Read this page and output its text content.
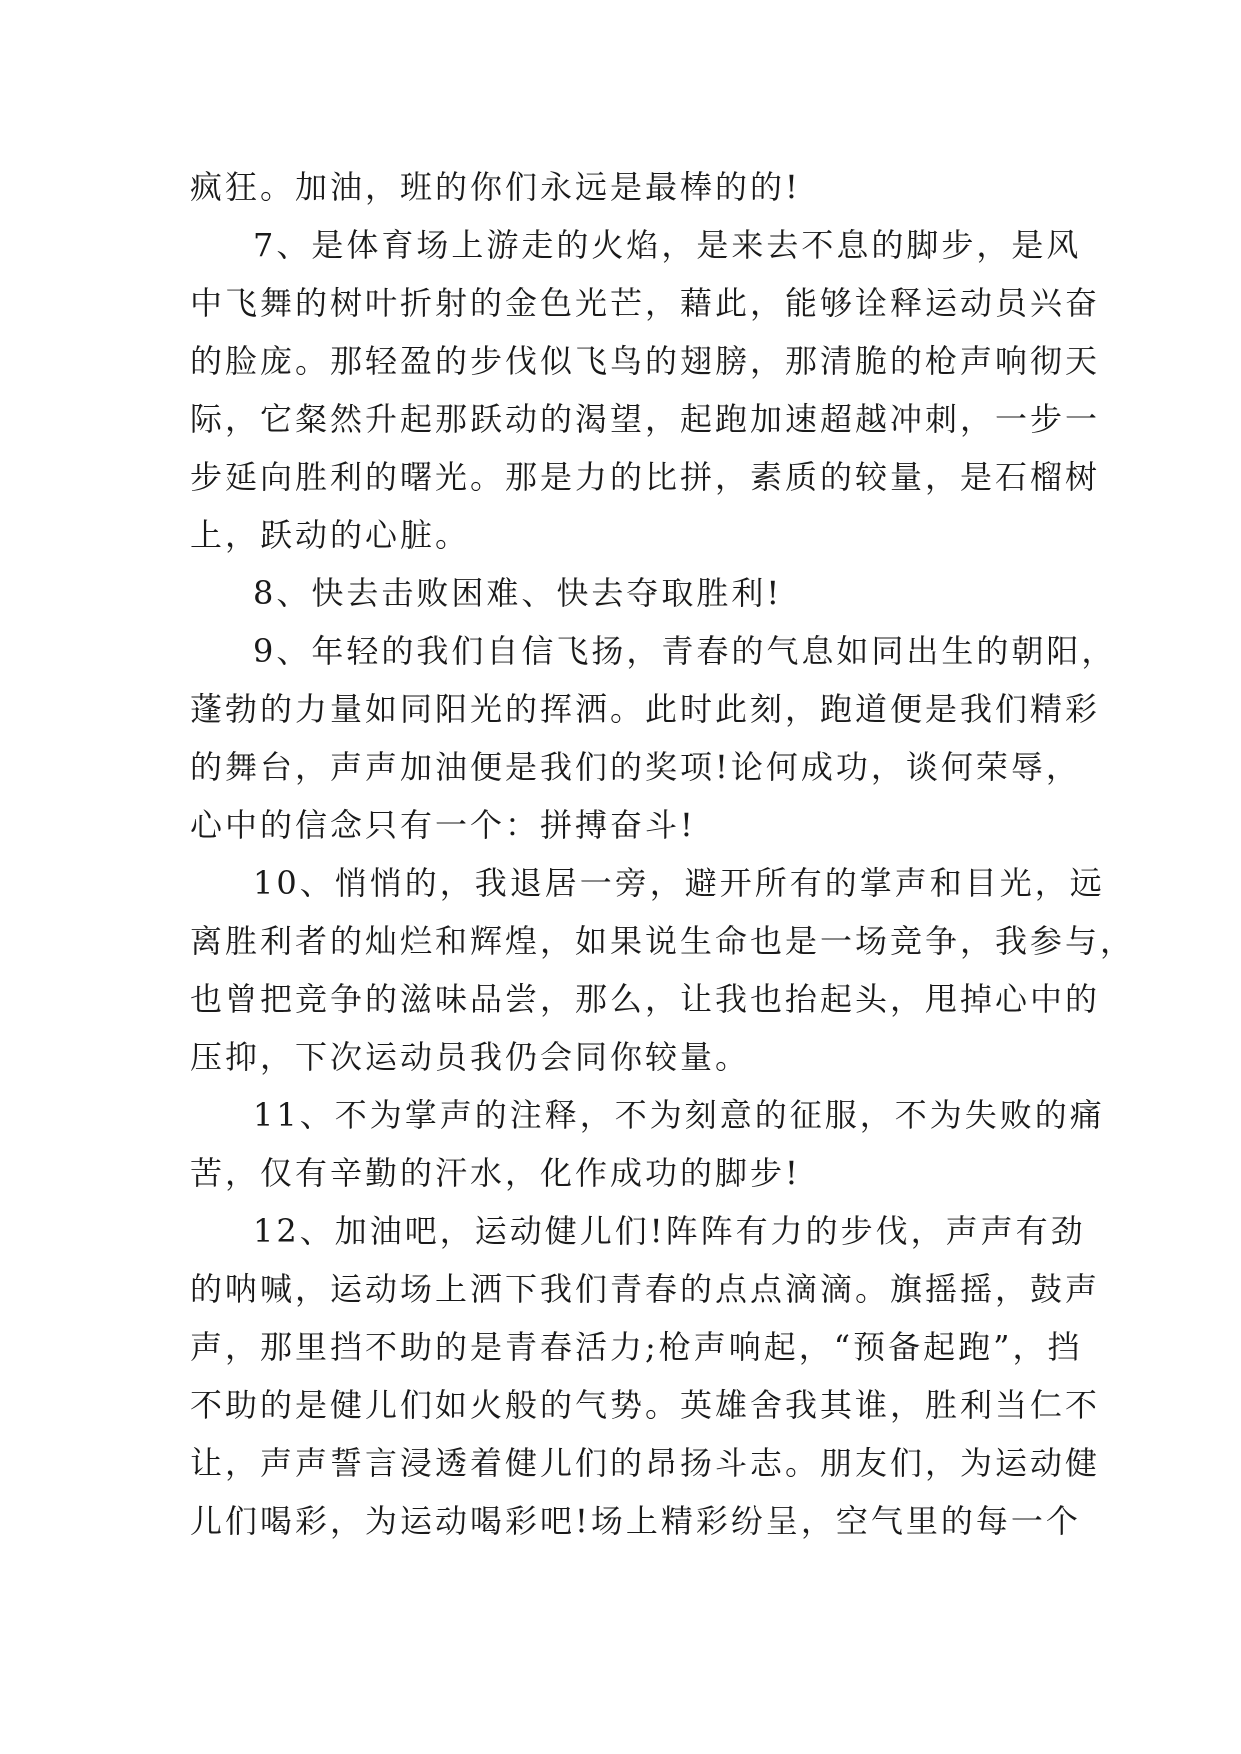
疯狂。加油，班的你们永远是最棒的的!
7、是体育场上游走的火焰，是来去不息的脚步，是风
中飞舞的树叶折射的金色光芒，藉此，能够诠释运动员兴奋
的脸庞。那轻盈的步伐似飞鸟的翅膀，那清脆的枪声响彻天
际，它粲然升起那跃动的渴望，起跑加速超越冲刺，一步一
步延向胜利的曙光。那是力的比拼，素质的较量，是石榴树
上，跃动的心脏。
8、快去击败困难、快去夺取胜利!
9、年轻的我们自信飞扬，青春的气息如同出生的朝阳，
蓬勃的力量如同阳光的挥洒。此时此刻，跑道便是我们精彩
的舞台，声声加油便是我们的奖项!论何成功，谈何荣辱，
心中的信念只有一个：拼搏奋斗!
10、悄悄的，我退居一旁，避开所有的掌声和目光，远
离胜利者的灿烂和辉煌，如果说生命也是一场竞争，我参与，
也曾把竞争的滋味品尝，那么，让我也抬起头，甩掉心中的
压抑，下次运动员我仍会同你较量。
11、不为掌声的注释，不为刻意的征服，不为失败的痛
苦，仅有辛勤的汗水，化作成功的脚步!
12、加油吧，运动健儿们!阵阵有力的步伐，声声有劲
的呐喊，运动场上洒下我们青春的点点滴滴。旗摇摇，鼓声
声，那里挡不助的是青春活力;枪声响起，“预备起跑”，挡
不助的是健儿们如火般的气势。英雄舍我其谁，胜利当仁不
让，声声誓言浸透着健儿们的昂扬斗志。朋友们，为运动健
儿们喝彩，为运动喝彩吧!场上精彩纷呈，空气里的每一个
